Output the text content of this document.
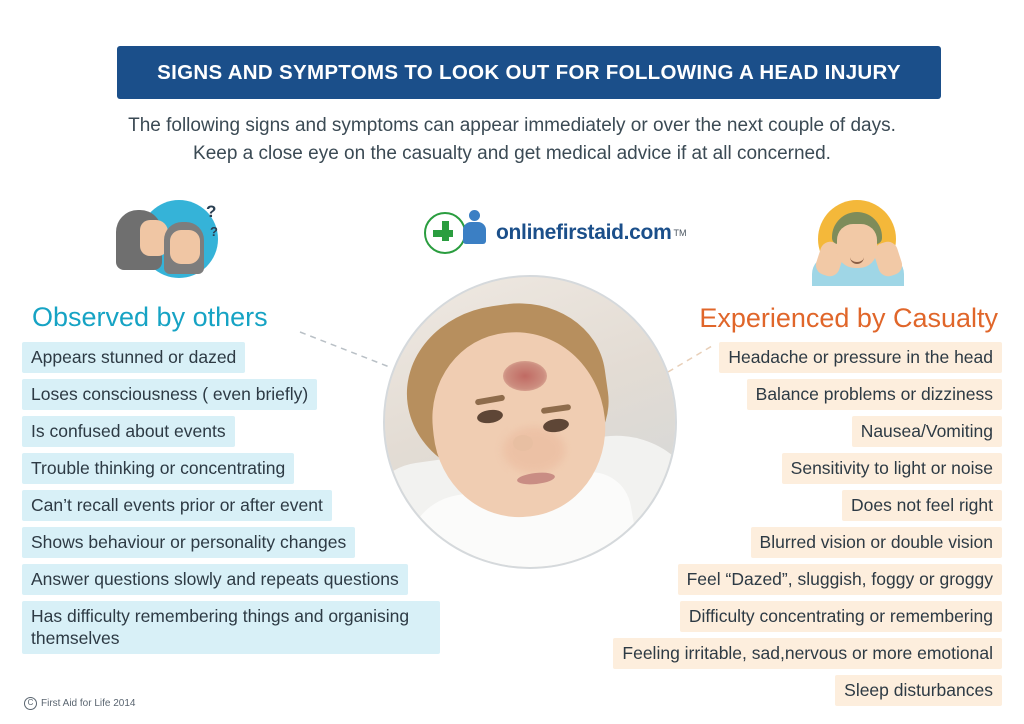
SIGNS AND SYMPTOMS TO LOOK OUT FOR FOLLOWING A HEAD INJURY
The following signs and symptoms can appear immediately or over the next couple of days.
Keep a close eye on the casualty and get medical advice if at all concerned.
onlinefirstaid.com TM
?
?
Observed by others
Appears stunned or dazed
Loses consciousness ( even briefly)
Is confused about events
Trouble thinking or concentrating
Can’t recall events prior or after event
Shows behaviour or personality changes
Answer questions slowly and repeats questions
Has difficulty remembering things and organising themselves
Experienced by Casualty
Headache or pressure in the head
Balance problems or dizziness
Nausea/Vomiting
Sensitivity to light or noise
Does not feel right
Blurred vision or double vision
Feel “Dazed”, sluggish, foggy or groggy
Difficulty concentrating or remembering
Feeling irritable, sad,nervous or more emotional
Sleep disturbances
C First Aid for Life 2014
